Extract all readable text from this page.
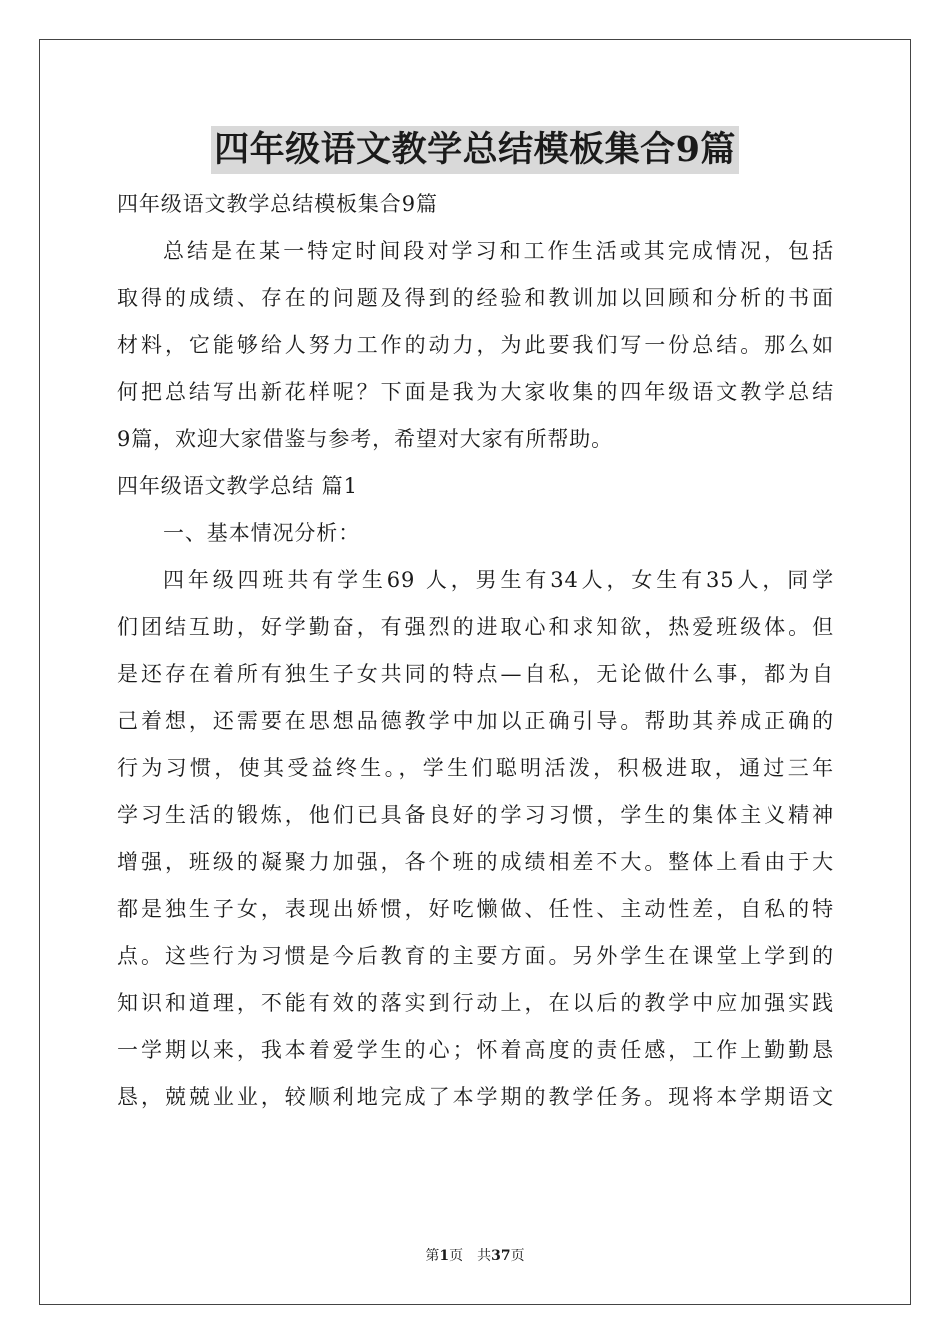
四年级语文教学总结模板集合9篇
四年级语文教学总结模板集合9篇
总结是在某一特定时间段对学习和工作生活或其完成情况，包括
取得的成绩、存在的问题及得到的经验和教训加以回顾和分析的书面
材料，它能够给人努力工作的动力，为此要我们写一份总结。那么如
何把总结写出新花样呢？下面是我为大家收集的四年级语文教学总结
9篇，欢迎大家借鉴与参考，希望对大家有所帮助。
四年级语文教学总结 篇1
一、基本情况分析：
四年级四班共有学生69 人，男生有34人，女生有35人，同学
们团结互助，好学勤奋，有强烈的进取心和求知欲，热爱班级体。但
是还存在着所有独生子女共同的特点—自私，无论做什么事，都为自
己着想，还需要在思想品德教学中加以正确引导。帮助其养成正确的
行为习惯，使其受益终生。，学生们聪明活泼，积极进取，通过三年
学习生活的锻炼，他们已具备良好的学习习惯，学生的集体主义精神
增强，班级的凝聚力加强，各个班的成绩相差不大。整体上看由于大
都是独生子女，表现出娇惯，好吃懒做、任性、主动性差，自私的特
点。这些行为习惯是今后教育的主要方面。另外学生在课堂上学到的
知识和道理，不能有效的落实到行动上，在以后的教学中应加强实践
一学期以来，我本着爱学生的心；怀着高度的责任感，工作上勤勤恳
恳，兢兢业业，较顺利地完成了本学期的教学任务。现将本学期语文
第1页　共37页
